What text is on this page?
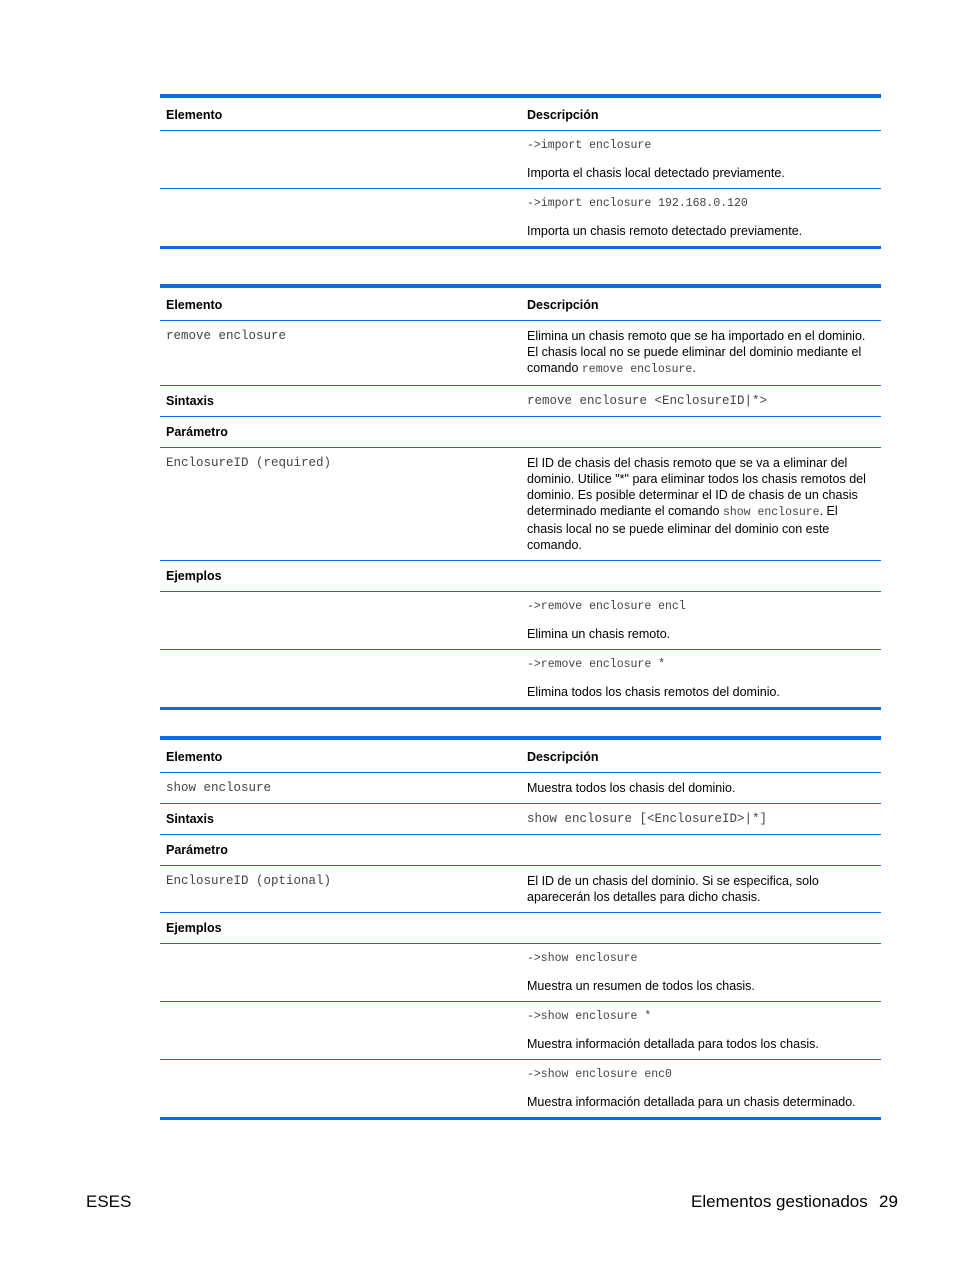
Elemento	Descripción

	->import enclosure
Importa el chasis local detectado previamente.

	->import enclosure 192.168.0.120
Importa un chasis remoto detectado previamente.
Elemento	Descripción
remove enclosure	Elimina un chasis remoto que se ha importado en el dominio. El chasis local no se puede eliminar del dominio mediante el comando remove enclosure.
Sintaxis	remove enclosure <EnclosureID|*>
Parámetro	
EnclosureID (required)	El ID de chasis del chasis remoto que se va a eliminar del dominio. Utilice "*" para eliminar todos los chasis remotos del dominio. Es posible determinar el ID de chasis de un chasis determinado mediante el comando show enclosure. El chasis local no se puede eliminar del dominio con este comando.
Ejemplos	

	->remove enclosure encl
Elimina un chasis remoto.

	->remove enclosure *
Elimina todos los chasis remotos del dominio.
Elemento	Descripción
show enclosure	Muestra todos los chasis del dominio.
Sintaxis	show enclosure [<EnclosureID>|*]
Parámetro	
EnclosureID (optional)	El ID de un chasis del dominio. Si se especifica, solo aparecerán los detalles para dicho chasis.
Ejemplos	

	->show enclosure
Muestra un resumen de todos los chasis.

	->show enclosure *
Muestra información detallada para todos los chasis.

	->show enclosure enc0
Muestra información detallada para un chasis determinado.
ESES	Elementos gestionados 29
